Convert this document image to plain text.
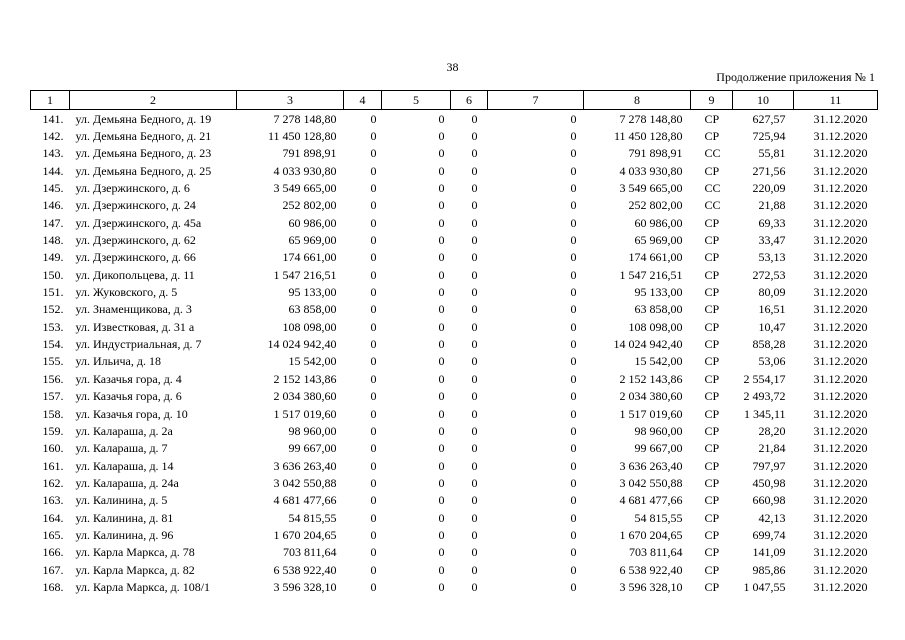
38
Продолжение приложения № 1
1	2	3	4	5	6	7	8	9	10	11
141.	ул. Демьяна Бедного, д. 19	7 278 148,80	0	0	0	0	7 278 148,80	СР	627,57	31.12.2020
142.	ул. Демьяна Бедного, д. 21	11 450 128,80	0	0	0	0	11 450 128,80	СР	725,94	31.12.2020
143.	ул. Демьяна Бедного, д. 23	791 898,91	0	0	0	0	791 898,91	СС	55,81	31.12.2020
144.	ул. Демьяна Бедного, д. 25	4 033 930,80	0	0	0	0	4 033 930,80	СР	271,56	31.12.2020
145.	ул. Дзержинского, д. 6	3 549 665,00	0	0	0	0	3 549 665,00	СС	220,09	31.12.2020
146.	ул. Дзержинского, д. 24	252 802,00	0	0	0	0	252 802,00	СС	21,88	31.12.2020
147.	ул. Дзержинского, д. 45а	60 986,00	0	0	0	0	60 986,00	СР	69,33	31.12.2020
148.	ул. Дзержинского, д. 62	65 969,00	0	0	0	0	65 969,00	СР	33,47	31.12.2020
149.	ул. Дзержинского, д. 66	174 661,00	0	0	0	0	174 661,00	СР	53,13	31.12.2020
150.	ул. Дикопольцева, д. 11	1 547 216,51	0	0	0	0	1 547 216,51	СР	272,53	31.12.2020
151.	ул. Жуковского, д. 5	95 133,00	0	0	0	0	95 133,00	СР	80,09	31.12.2020
152.	ул. Знаменщикова, д. 3	63 858,00	0	0	0	0	63 858,00	СР	16,51	31.12.2020
153.	ул. Известковая, д. 31 а	108 098,00	0	0	0	0	108 098,00	СР	10,47	31.12.2020
154.	ул. Индустриальная, д. 7	14 024 942,40	0	0	0	0	14 024 942,40	СР	858,28	31.12.2020
155.	ул. Ильича, д. 18	15 542,00	0	0	0	0	15 542,00	СР	53,06	31.12.2020
156.	ул. Казачья гора, д. 4	2 152 143,86	0	0	0	0	2 152 143,86	СР	2 554,17	31.12.2020
157.	ул. Казачья гора, д. 6	2 034 380,60	0	0	0	0	2 034 380,60	СР	2 493,72	31.12.2020
158.	ул. Казачья гора, д. 10	1 517 019,60	0	0	0	0	1 517 019,60	СР	1 345,11	31.12.2020
159.	ул. Калараша, д. 2а	98 960,00	0	0	0	0	98 960,00	СР	28,20	31.12.2020
160.	ул. Калараша, д. 7	99 667,00	0	0	0	0	99 667,00	СР	21,84	31.12.2020
161.	ул. Калараша, д. 14	3 636 263,40	0	0	0	0	3 636 263,40	СР	797,97	31.12.2020
162.	ул. Калараша, д. 24а	3 042 550,88	0	0	0	0	3 042 550,88	СР	450,98	31.12.2020
163.	ул. Калинина, д. 5	4 681 477,66	0	0	0	0	4 681 477,66	СР	660,98	31.12.2020
164.	ул. Калинина, д. 81	54 815,55	0	0	0	0	54 815,55	СР	42,13	31.12.2020
165.	ул. Калинина, д. 96	1 670 204,65	0	0	0	0	1 670 204,65	СР	699,74	31.12.2020
166.	ул. Карла Маркса, д. 78	703 811,64	0	0	0	0	703 811,64	СР	141,09	31.12.2020
167.	ул. Карла Маркса, д. 82	6 538 922,40	0	0	0	0	6 538 922,40	СР	985,86	31.12.2020
168.	ул. Карла Маркса, д. 108/1	3 596 328,10	0	0	0	0	3 596 328,10	СР	1 047,55	31.12.2020
